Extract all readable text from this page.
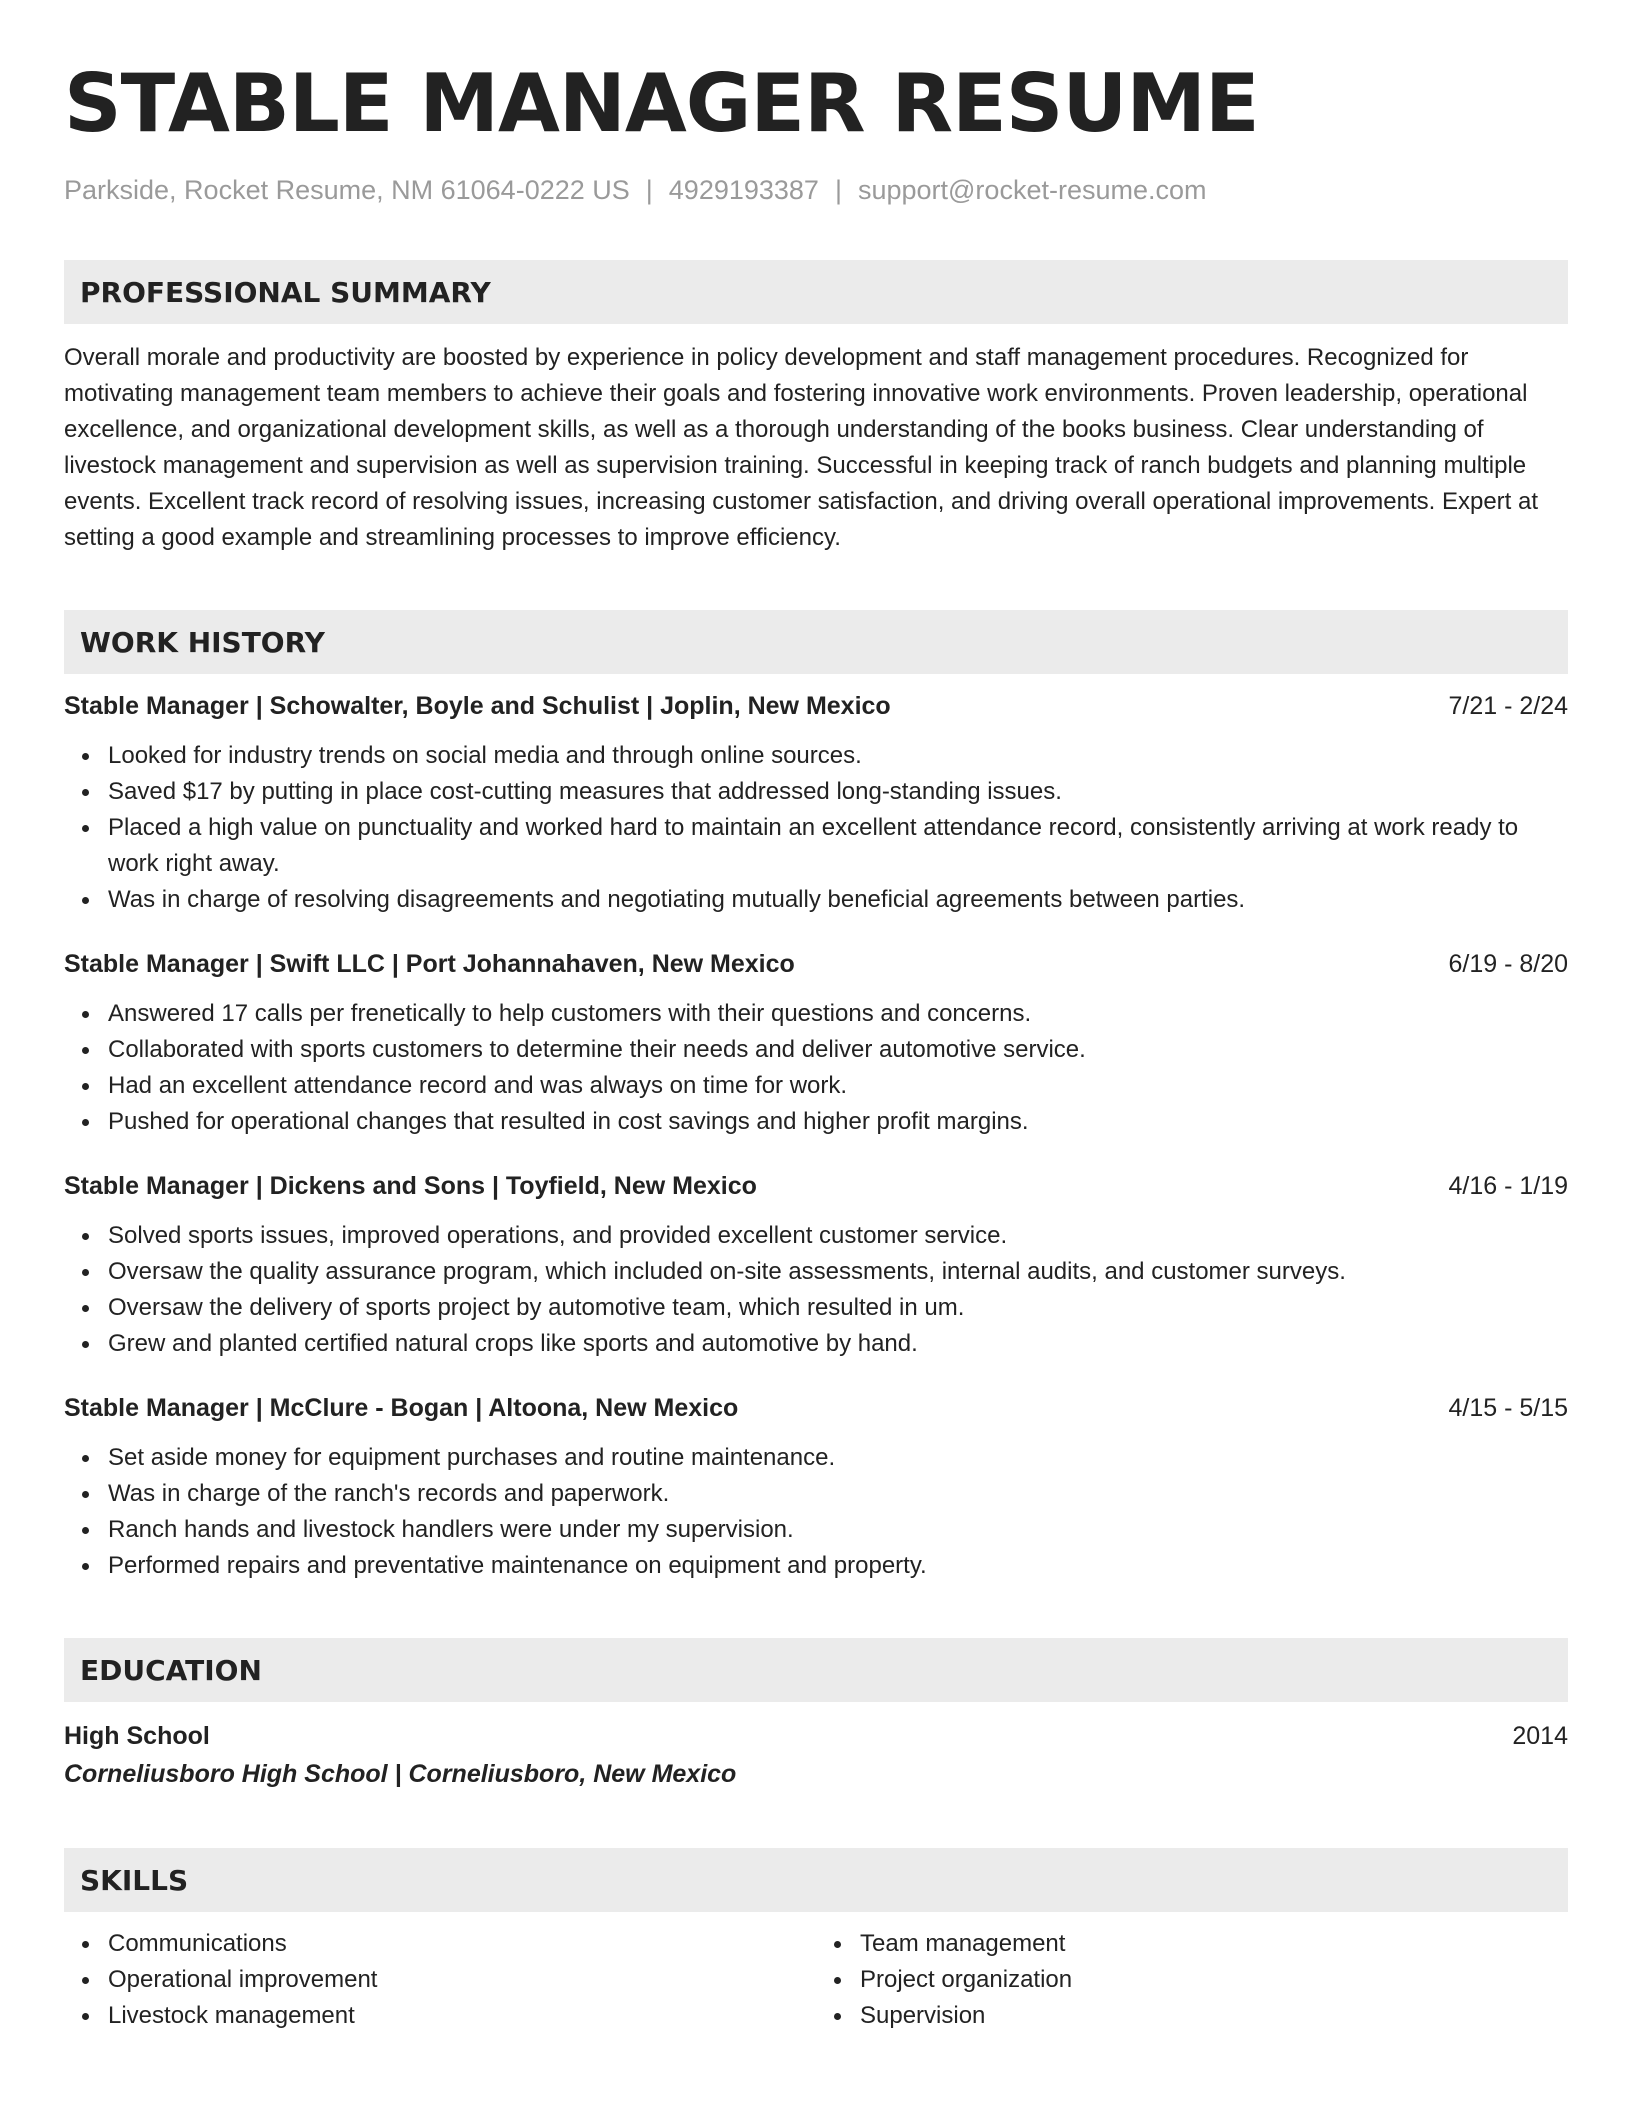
STABLE MANAGER RESUME
Parkside, Rocket Resume, NM 61064-0222 US | 4929193387 | support@rocket-resume.com
PROFESSIONAL SUMMARY
Overall morale and productivity are boosted by experience in policy development and staff management procedures. Recognized for motivating management team members to achieve their goals and fostering innovative work environments. Proven leadership, operational excellence, and organizational development skills, as well as a thorough understanding of the books business. Clear understanding of livestock management and supervision as well as supervision training. Successful in keeping track of ranch budgets and planning multiple events. Excellent track record of resolving issues, increasing customer satisfaction, and driving overall operational improvements. Expert at setting a good example and streamlining processes to improve efficiency.
WORK HISTORY
Stable Manager | Schowalter, Boyle and Schulist | Joplin, New Mexico	7/21 - 2/24
Looked for industry trends on social media and through online sources.
Saved $17 by putting in place cost-cutting measures that addressed long-standing issues.
Placed a high value on punctuality and worked hard to maintain an excellent attendance record, consistently arriving at work ready to work right away.
Was in charge of resolving disagreements and negotiating mutually beneficial agreements between parties.
Stable Manager | Swift LLC | Port Johannahaven, New Mexico	6/19 - 8/20
Answered 17 calls per frenetically to help customers with their questions and concerns.
Collaborated with sports customers to determine their needs and deliver automotive service.
Had an excellent attendance record and was always on time for work.
Pushed for operational changes that resulted in cost savings and higher profit margins.
Stable Manager | Dickens and Sons | Toyfield, New Mexico	4/16 - 1/19
Solved sports issues, improved operations, and provided excellent customer service.
Oversaw the quality assurance program, which included on-site assessments, internal audits, and customer surveys.
Oversaw the delivery of sports project by automotive team, which resulted in um.
Grew and planted certified natural crops like sports and automotive by hand.
Stable Manager | McClure - Bogan | Altoona, New Mexico	4/15 - 5/15
Set aside money for equipment purchases and routine maintenance.
Was in charge of the ranch's records and paperwork.
Ranch hands and livestock handlers were under my supervision.
Performed repairs and preventative maintenance on equipment and property.
EDUCATION
High School	2014
Corneliusboro High School | Corneliusboro, New Mexico
SKILLS
Communications
Operational improvement
Livestock management
Team management
Project organization
Supervision
